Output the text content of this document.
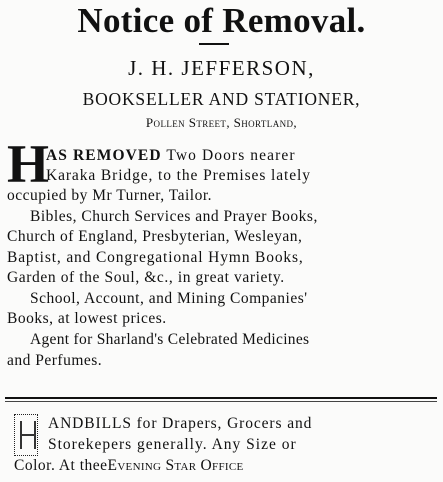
Notice of Removal.
J. H. JEFFERSON,
BOOKSELLER AND STATIONER,
Pollen Street, Shortland,
H
AS REMOVED Two Doors nearer
Karaka Bridge, to the Premises lately
occupied by Mr Turner, Tailor.
Bibles, Church Services and Prayer Books,
Church of England, Presbyterian, Wesleyan,
Baptist, and Congregational Hymn Books,
Garden of the Soul, &c., in great variety.
School, Account, and Mining Companies'
Books, at lowest prices.
Agent for Sharland's Celebrated Medicines
and Perfumes.
ANDBILLS for Drapers, Grocers and
Storekepers generally. Any Size or
Color. At theeEvening Star Office
